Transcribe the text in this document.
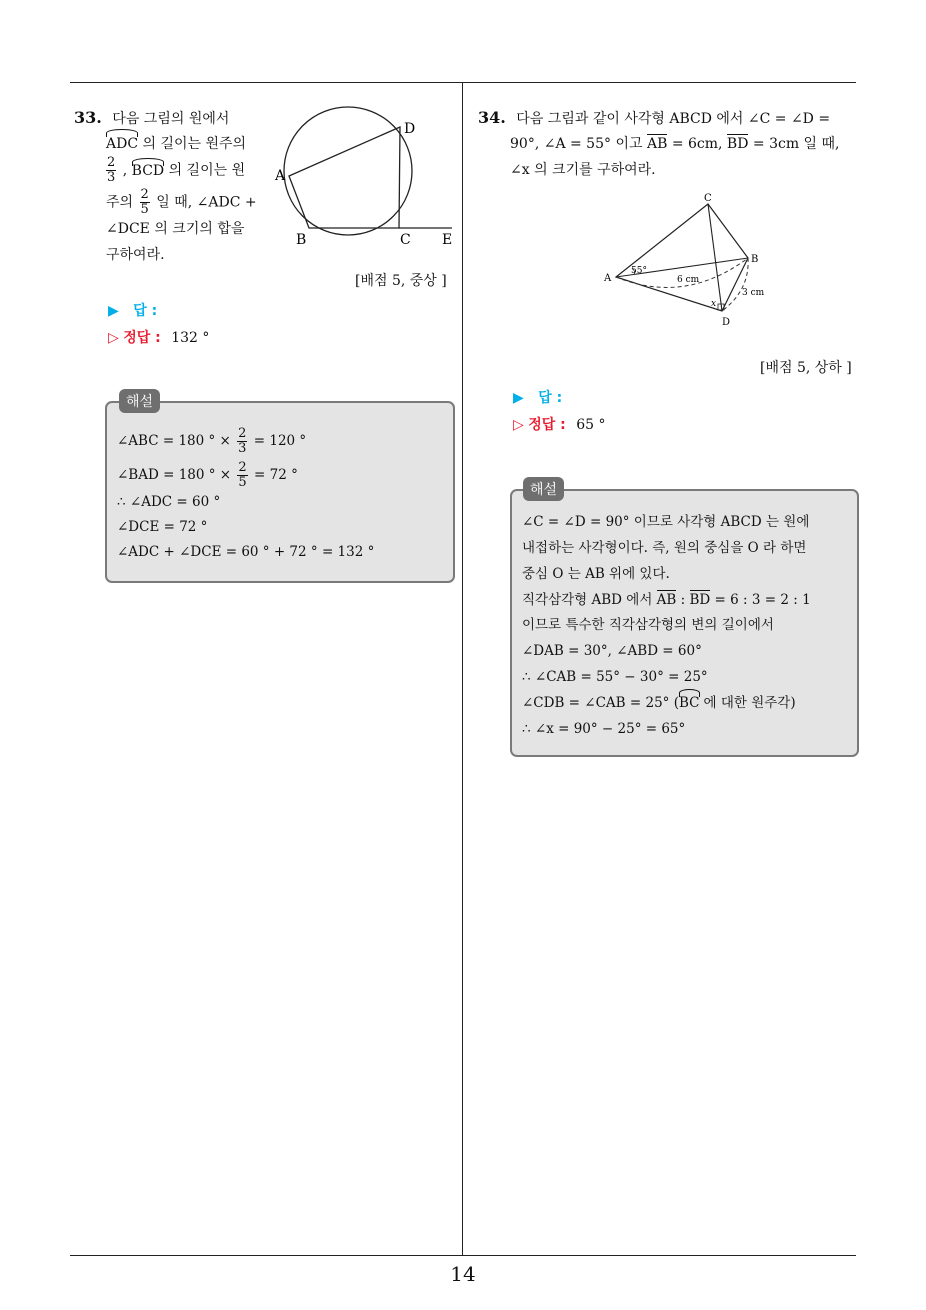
14
33. 다음 그림의 원에서
ADC 의 길이는 원주의
$\frac{2}{3}$ , BCD 의 길이는 원
주의 $\frac{2}{5}$ 일 때, ∠ADC +
∠DCE 의 크기의 합을
구하여라.
A
B	C
D
E
[배점 5, 중상 ]
▶ 답 :
▷ 정답 : 132 °
∠ABC = 180 ° × $\frac{2}{3} = 120$ °
∠BAD = 180 ° × $\frac{2}{5} = 72$ °
∴ ∠ADC = 60 °
∠DCE = 72 °
∠ADC + ∠DCE = 60 ° + 72 ° = 132 °
해설
34. 다음 그림과 같이 사각형 ABCD 에서 ∠C = ∠D =
90°, ∠A = 55° 이고 AB = 6cm, BD = 3cm 일 때,
∠x 의 크기를 구하여라.
C
A
B
D
55°
6 cm
3 cm
x
[배점 5, 상하 ]
▶ 답 :
▷ 정답 : 65 °
∠C = ∠D = 90° 이므로 사각형 ABCD 는 원에
내접하는 사각형이다. 즉, 원의 중심을 O 라 하면
중심 O 는 AB 위에 있다.
직각삼각형 ABD 에서 AB : BD = 6 : 3 = 2 : 1
이므로 특수한 직각삼각형의 변의 길이에서
∠DAB = 30°, ∠ABD = 60°
∴ ∠CAB = 55° − 30° = 25°
∠CDB = ∠CAB = 25° (BC 에 대한 원주각)
∴ ∠x = 90° − 25° = 65°
해설
